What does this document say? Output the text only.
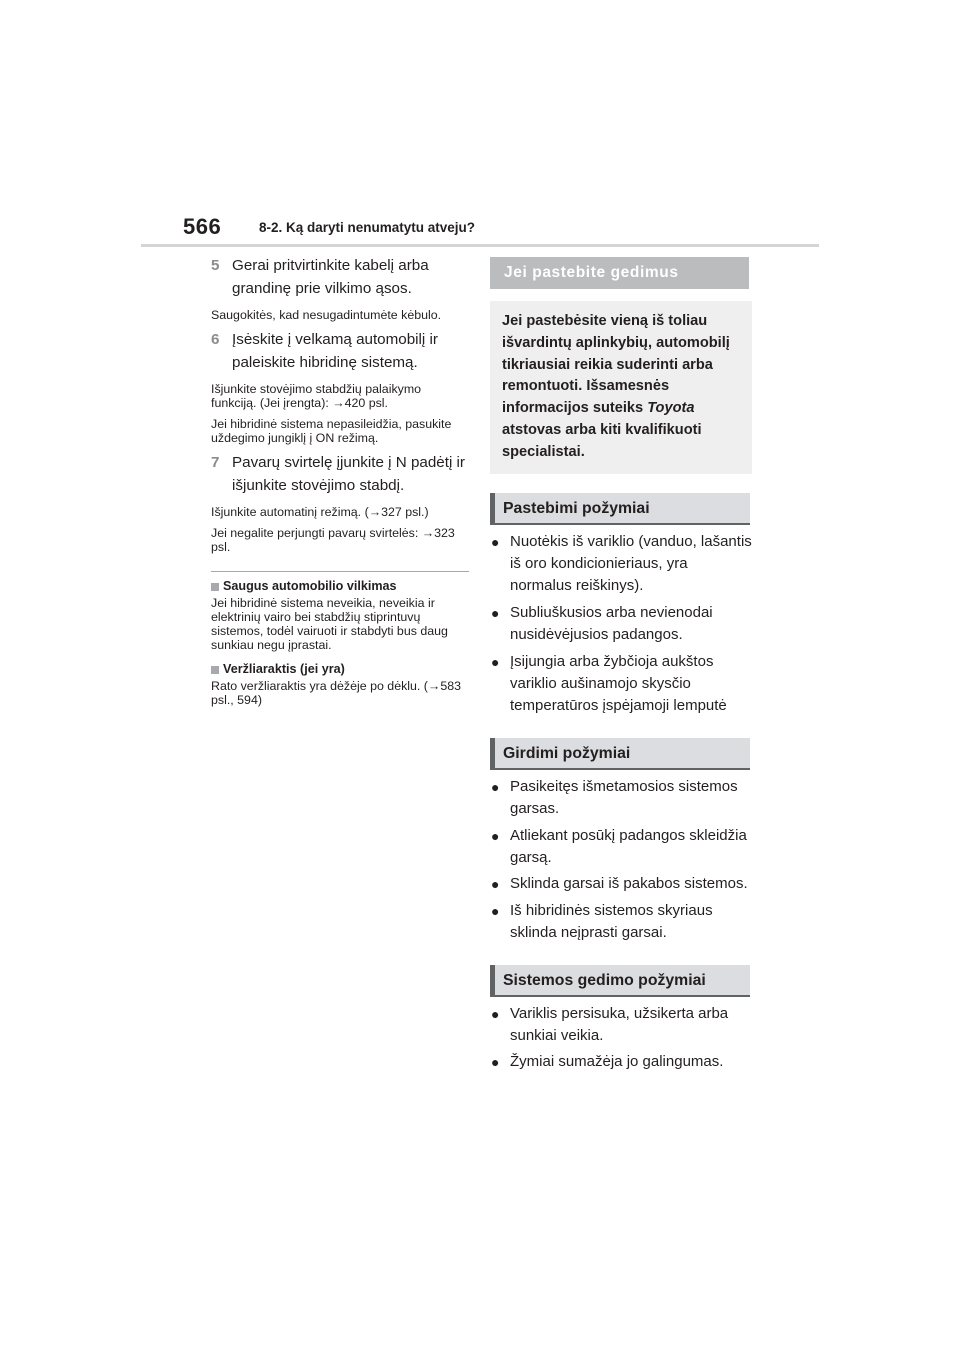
566	8-2. Ką daryti nenumatytu atveju?
5 Gerai pritvirtinkite kabelį arba grandinę prie vilkimo ąsos.
Saugokitės, kad nesugadintumėte kėbulo.
6 Įsėskite į velkamą automobilį ir paleiskite hibridinę sistemą.
Išjunkite stovėjimo stabdžių palaikymo funkciją. (Jei įrengta): →420 psl.
Jei hibridinė sistema nepasileidžia, pasukite uždegimo jungiklį į ON režimą.
7 Pavarų svirtelę įjunkite į N padėtį ir išjunkite stovėjimo stabdį.
Išjunkite automatinį režimą. (→327 psl.)
Jei negalite perjungti pavarų svirtelės: →323 psl.
Saugus automobilio vilkimas
Jei hibridinė sistema neveikia, neveikia ir elektrinių vairo bei stabdžių stiprintuvų sistemos, todėl vairuoti ir stabdyti bus daug sunkiau negu įprastai.
Veržliaraktis (jei yra)
Rato veržliaraktis yra dėžėje po dėklu. (→583 psl., 594)
Jei pastebite gedimus
Jei pastebėsite vieną iš toliau išvardintų aplinkybių, automobilį tikriausiai reikia suderinti arba remontuoti. Išsamesnės informacijos suteiks Toyota atstovas arba kiti kvalifikuoti specialistai.
Pastebimi požymiai
● Nuotėkis iš variklio (vanduo, lašantis iš oro kondicionieriaus, yra normalus reiškinys).
● Subliuškusios arba nevienodai nusidėvėjusios padangos.
● Įsijungia arba žybčioja aukštos variklio aušinamojo skysčio temperatūros įspėjamoji lemputė
Girdimi požymiai
● Pasikeitęs išmetamosios sistemos garsas.
● Atliekant posūkį padangos skleidžia garsą.
● Sklinda garsai iš pakabos sistemos.
● Iš hibridinės sistemos skyriaus sklinda neįprasti garsai.
Sistemos gedimo požymiai
● Variklis persisuka, užsikerta arba sunkiai veikia.
● Žymiai sumažėja jo galingumas.
